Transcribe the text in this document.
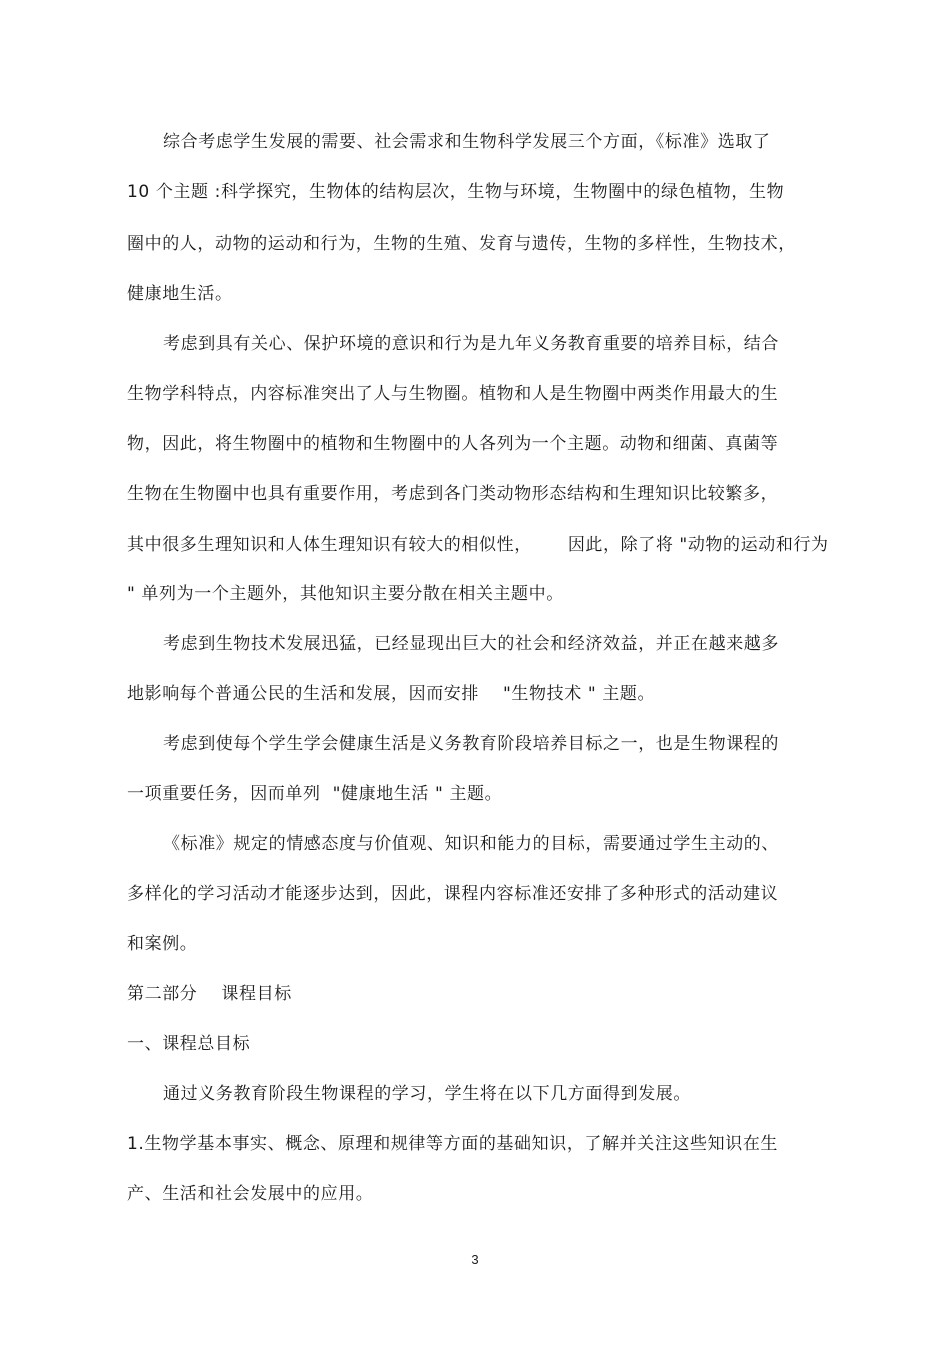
综合考虑学生发展的需要、社会需求和生物科学发展三个方面，《标准》选取了
10 个主题 :科学探究，生物体的结构层次，生物与环境，生物圈中的绿色植物，生物
圈中的人，动物的运动和行为，生物的生殖、发育与遗传，生物的多样性，生物技术，
健康地生活。
考虑到具有关心、保护环境的意识和行为是九年义务教育重要的培养目标，结合
生物学科特点，内容标准突出了人与生物圈。植物和人是生物圈中两类作用最大的生
物，因此，将生物圈中的植物和生物圈中的人各列为一个主题。动物和细菌、真菌等
生物在生物圈中也具有重要作用，考虑到各门类动物形态结构和生理知识比较繁多，
其中很多生理知识和人体生理知识有较大的相似性，      因此，除了将 "动物的运动和行为
" 单列为一个主题外，其他知识主要分散在相关主题中。
考虑到生物技术发展迅猛，已经显现出巨大的社会和经济效益，并正在越来越多
地影响每个普通公民的生活和发展，因而安排    "生物技术 " 主题。
考虑到使每个学生学会健康生活是义务教育阶段培养目标之一，也是生物课程的
一项重要任务，因而单列  "健康地生活 " 主题。
《标准》规定的情感态度与价值观、知识和能力的目标，需要通过学生主动的、
多样化的学习活动才能逐步达到，因此，课程内容标准还安排了多种形式的活动建议
和案例。
第二部分    课程目标
一、课程总目标
通过义务教育阶段生物课程的学习，学生将在以下几方面得到发展。
1.生物学基本事实、概念、原理和规律等方面的基础知识，了解并关注这些知识在生
产、生活和社会发展中的应用。
3
